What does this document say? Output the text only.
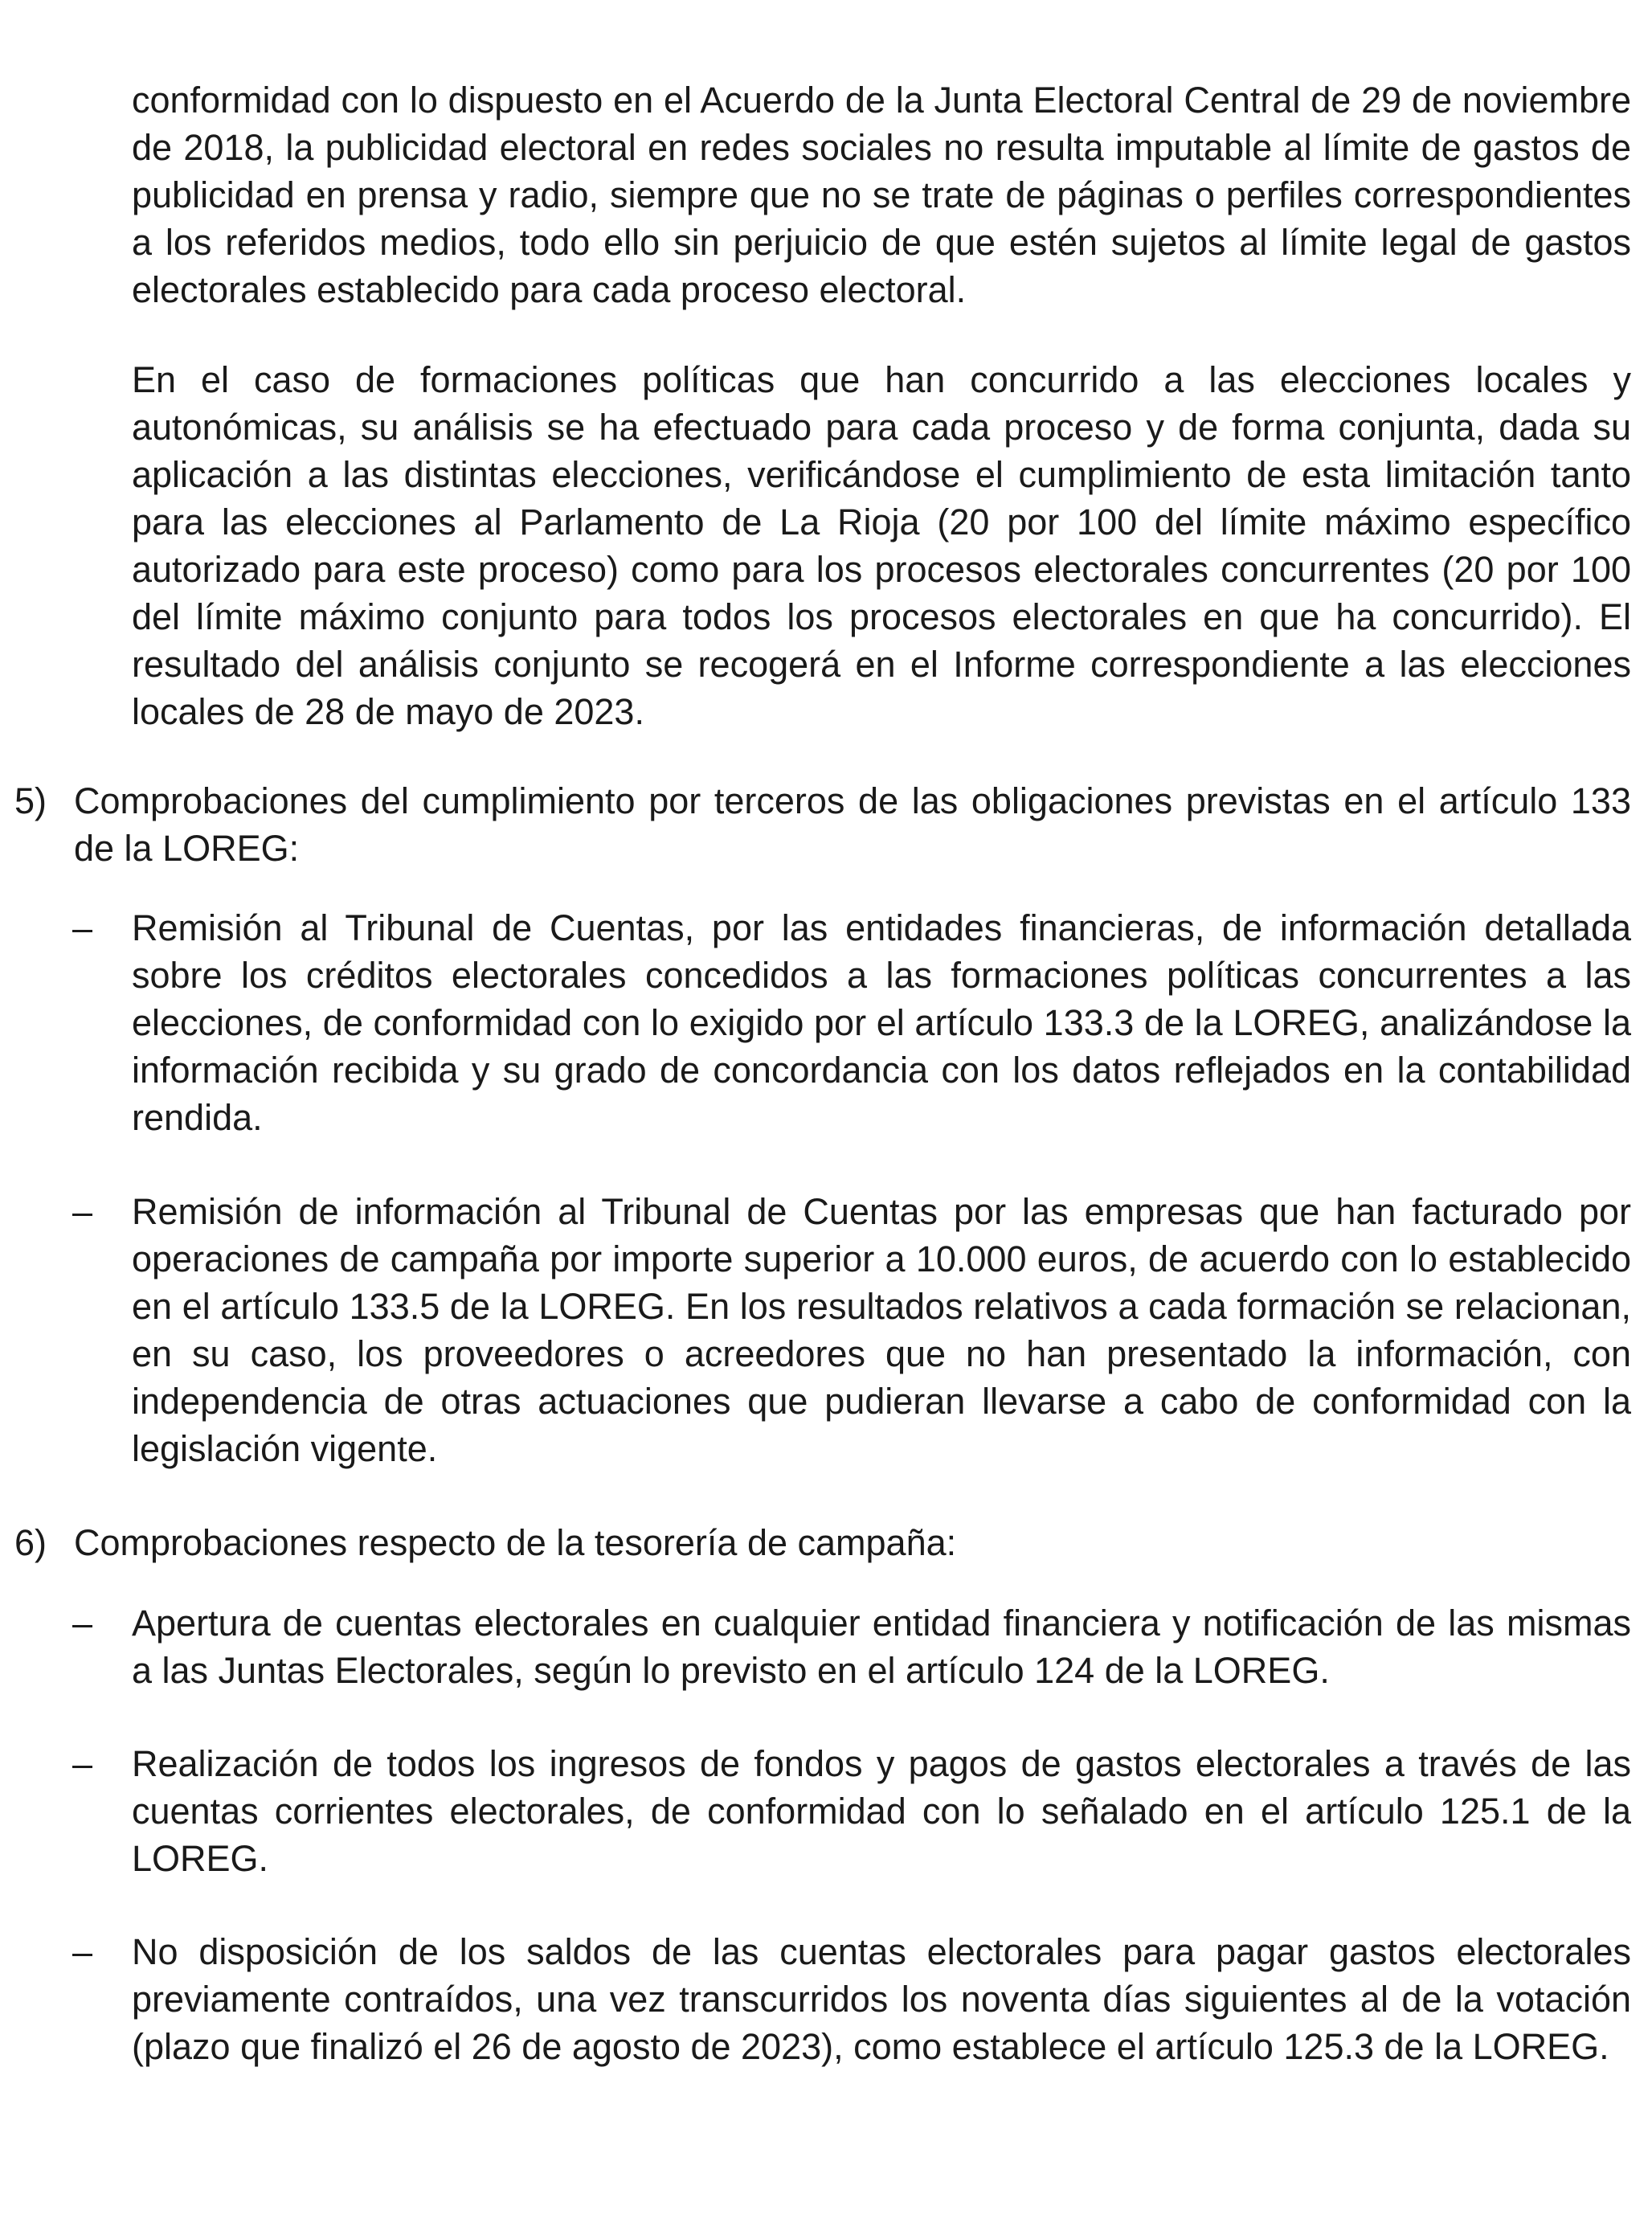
conformidad con lo dispuesto en el Acuerdo de la Junta Electoral Central de 29 de noviembre de 2018, la publicidad electoral en redes sociales no resulta imputable al límite de gastos de publicidad en prensa y radio, siempre que no se trate de páginas o perfiles correspondientes a los referidos medios, todo ello sin perjuicio de que estén sujetos al límite legal de gastos electorales establecido para cada proceso electoral.

En el caso de formaciones políticas que han concurrido a las elecciones locales y autonómicas, su análisis se ha efectuado para cada proceso y de forma conjunta, dada su aplicación a las distintas elecciones, verificándose el cumplimiento de esta limitación tanto para las elecciones al Parlamento de La Rioja (20 por 100 del límite máximo específico autorizado para este proceso) como para los procesos electorales concurrentes (20 por 100 del límite máximo conjunto para todos los procesos electorales en que ha concurrido). El resultado del análisis conjunto se recogerá en el Informe correspondiente a las elecciones locales de 28 de mayo de 2023.

5) Comprobaciones del cumplimiento por terceros de las obligaciones previstas en el artículo 133 de la LOREG:
– Remisión al Tribunal de Cuentas, por las entidades financieras, de información detallada sobre los créditos electorales concedidos a las formaciones políticas concurrentes a las elecciones, de conformidad con lo exigido por el artículo 133.3 de la LOREG, analizándose la información recibida y su grado de concordancia con los datos reflejados en la contabilidad rendida.
– Remisión de información al Tribunal de Cuentas por las empresas que han facturado por operaciones de campaña por importe superior a 10.000 euros, de acuerdo con lo establecido en el artículo 133.5 de la LOREG. En los resultados relativos a cada formación se relacionan, en su caso, los proveedores o acreedores que no han presentado la información, con independencia de otras actuaciones que pudieran llevarse a cabo de conformidad con la legislación vigente.
6) Comprobaciones respecto de la tesorería de campaña:
– Apertura de cuentas electorales en cualquier entidad financiera y notificación de las mismas a las Juntas Electorales, según lo previsto en el artículo 124 de la LOREG.
– Realización de todos los ingresos de fondos y pagos de gastos electorales a través de las cuentas corrientes electorales, de conformidad con lo señalado en el artículo 125.1 de la LOREG.
– No disposición de los saldos de las cuentas electorales para pagar gastos electorales previamente contraídos, una vez transcurridos los noventa días siguientes al de la votación (plazo que finalizó el 26 de agosto de 2023), como establece el artículo 125.3 de la LOREG.
